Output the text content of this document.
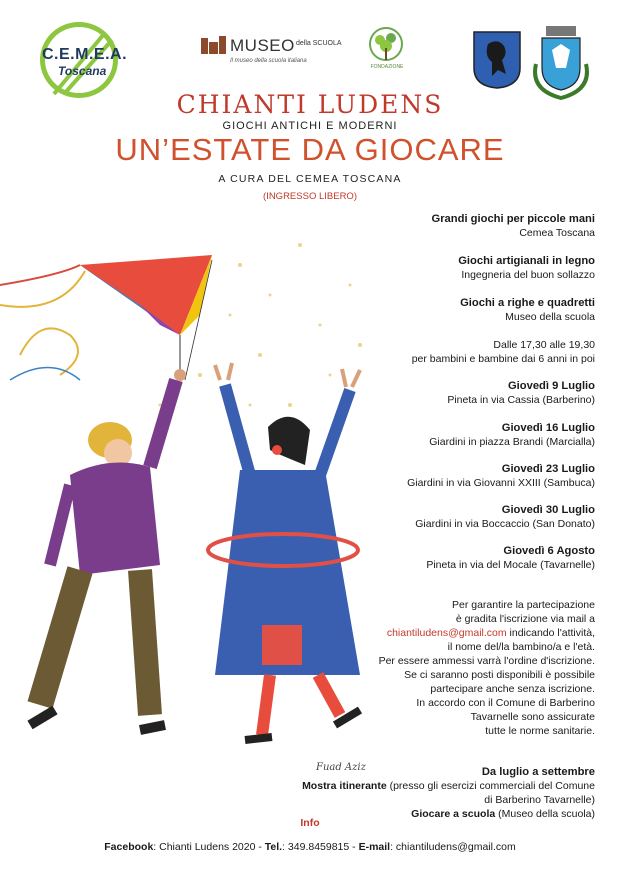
C.E.M.E.A.
Toscana
MUSEO della SCUOLA
Il museo della scuola italiana
FONDAZIONE
CHIANTI LUDENS
GIOCHI ANTICHI E MODERNI
UN’ESTATE DA GIOCARE
A CURA DEL CEMEA TOSCANA
(INGRESSO LIBERO)
Fuad Aziz
Grandi giochi per piccole mani
Cemea Toscana
Giochi artigianali in legno
Ingegneria del buon sollazzo
Giochi a righe e quadretti
Museo della scuola
Dalle 17,30 alle 19,30
per bambini e bambine dai 6 anni in poi
Giovedì 9 Luglio
Pineta in via Cassia (Barberino)
Giovedì 16 Luglio
Giardini in piazza Brandi (Marcialla)
Giovedì 23 Luglio
Giardini in via Giovanni XXIII (Sambuca)
Giovedì 30 Luglio
Giardini in via Boccaccio (San Donato)
Giovedì 6 Agosto
Pineta in via del Mocale (Tavarnelle)
Per garantire la partecipazione
è gradita l'iscrizione via mail a
chiantiludens@gmail.com indicando l'attività,
il nome del/la bambino/a e l'età.
Per essere ammessi varrà l'ordine d'iscrizione.
Se ci saranno posti disponibili è possibile
partecipare anche senza iscrizione.
In accordo con il Comune di Barberino
Tavarnelle sono assicurate
tutte le norme sanitarie.
Da luglio a settembre
Mostra itinerante (presso gli esercizi commerciali del Comune
di Barberino Tavarnelle)
Giocare a scuola (Museo della scuola)
Info
Facebook: Chianti Ludens 2020 - Tel.: 349.8459815 - E-mail: chiantiludens@gmail.com
